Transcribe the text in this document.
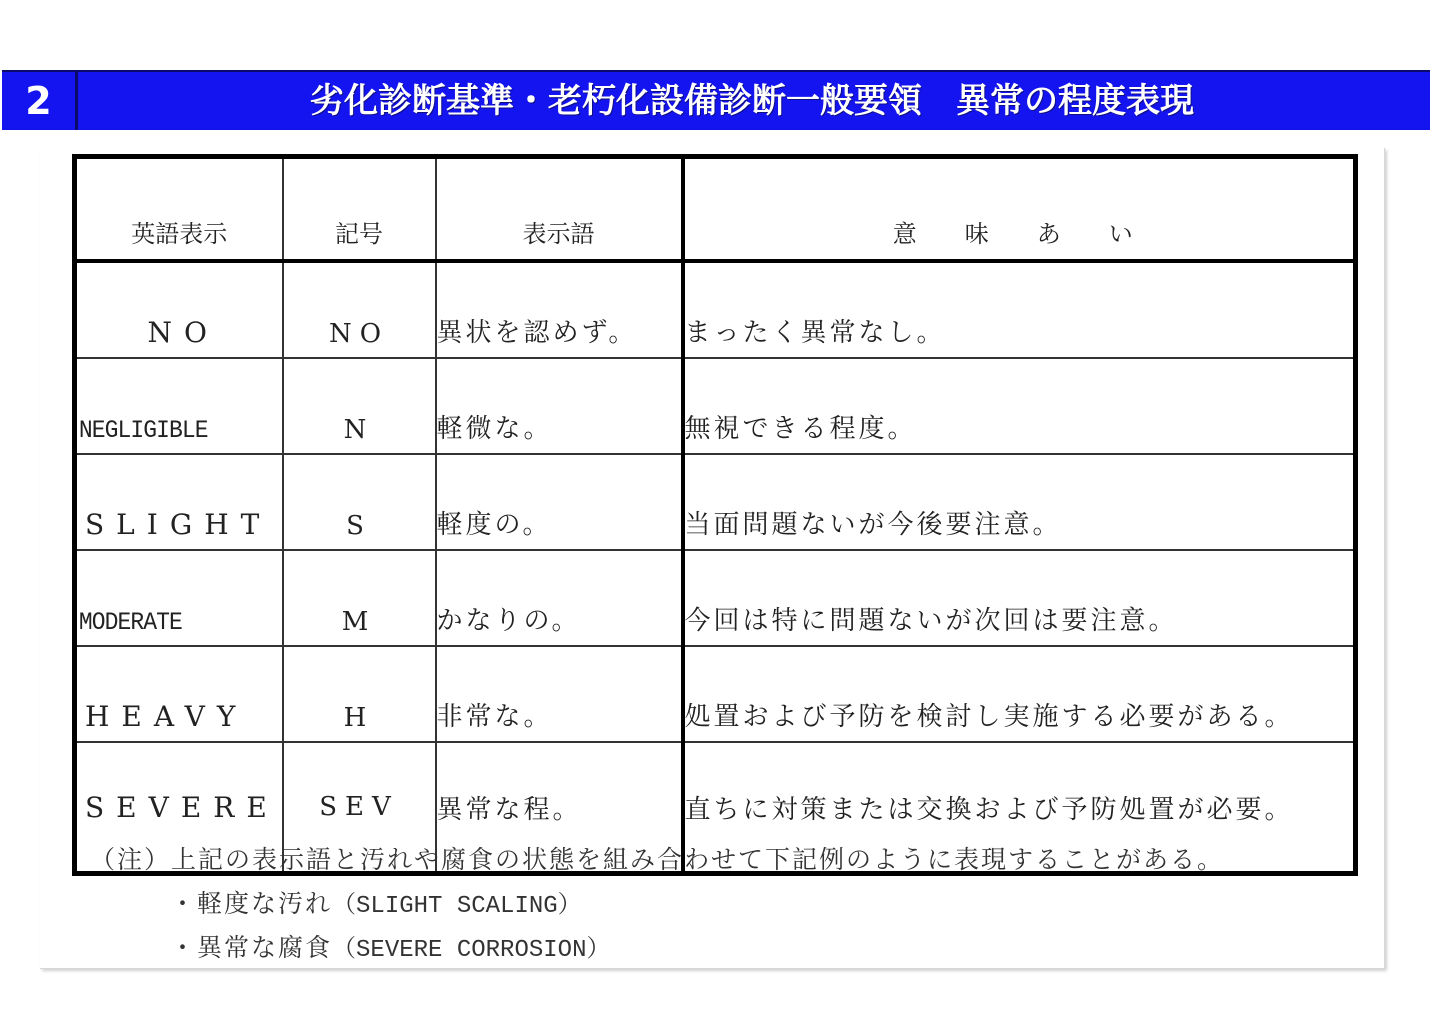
2	劣化診断基準・老朽化設備診断一般要領　異常の程度表現
英語表示	記号	表示語	意　味　あ　い
NO	NO	異状を認めず。	まったく異常なし。
NEGLIGIBLE	N	軽微な。	無視できる程度。
SLIGHT	S	軽度の。	当面問題ないが今後要注意。
MODERATE	M	かなりの。	今回は特に問題ないが次回は要注意。
HEAVY	H	非常な。	処置および予防を検討し実施する必要がある。
SEVERE	SEV	異常な程。	直ちに対策または交換および予防処置が必要。
（注）上記の表示語と汚れや腐食の状態を組み合わせて下記例のように表現することがある。
・軽度な汚れ（SLIGHT SCALING）
・異常な腐食（SEVERE CORROSION）
